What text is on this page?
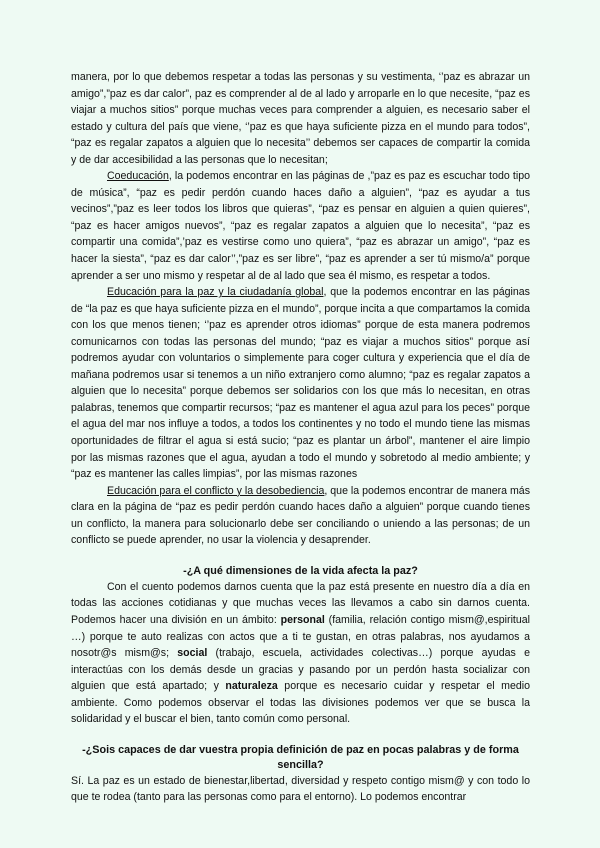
manera, por lo que debemos respetar a todas las personas y su vestimenta, ‘’paz es abrazar un amigo”,”paz es dar calor”, paz es comprender al de al lado y arroparle en lo que necesite, “paz es viajar a muchos sitios” porque muchas veces para comprender a alguien, es necesario saber el estado y cultura del país que viene, ‘’paz es que haya suficiente pizza en el mundo para todos”, “paz es regalar zapatos a alguien que lo necesita’’ debemos ser capaces de compartir la comida y de dar accesibilidad a las personas que lo necesitan;

Coeducación, la podemos encontrar en las páginas de ,”paz es paz es escuchar todo tipo de música”, “paz es pedir perdón cuando haces daño a alguien”, “paz es ayudar a tus vecinos”,”paz es leer todos los libros que quieras”, “paz es pensar en alguien a quien quieres”, “paz es hacer amigos nuevos”, “paz es regalar zapatos a alguien que lo necesita”, “paz es compartir una comida”,’paz es vestirse como uno quiera”, “paz es abrazar un amigo”, “paz es hacer la siesta”, “paz es dar calor’’,”paz es ser libre”, “paz es aprender a ser tú mismo/a” porque aprender a ser uno mismo y respetar al de al lado que sea él mismo, es respetar a todos.

Educación para la paz y la ciudadanía global, que la podemos encontrar en las páginas de “la paz es que haya suficiente pizza en el mundo”, porque incita a que compartamos la comida con los que menos tienen; ‘’paz es aprender otros idiomas” porque de esta manera podremos comunicarnos con todas las personas del mundo; “paz es viajar a muchos sitios” porque así podremos ayudar con voluntarios o simplemente para coger cultura y experiencia que el día de mañana podremos usar si tenemos a un niño extranjero como alumno; “paz es regalar zapatos a alguien que lo necesita” porque debemos ser solidarios con los que más lo necesitan, en otras palabras, tenemos que compartir recursos; “paz es mantener el agua azul para los peces” porque el agua del mar nos influye a todos, a todos los continentes y no todo el mundo tiene las mismas oportunidades de filtrar el agua si está sucio; “paz es plantar un árbol”, mantener el aire limpio por las mismas razones que el agua, ayudan a todo el mundo y sobretodo al medio ambiente; y “paz es mantener las calles limpias”, por las mismas razones

Educación para el conflicto y la desobediencia, que la podemos encontrar de manera más clara en la página de “paz es pedir perdón cuando haces daño a alguien” porque cuando tienes un conflicto, la manera para solucionarlo debe ser conciliando o uniendo a las personas; de un conflicto se puede aprender, no usar la violencia y desaprender.

-¿A qué dimensiones de la vida afecta la paz?

Con el cuento podemos darnos cuenta que la paz está presente en nuestro día a día en todas las acciones cotidianas y que muchas veces las llevamos a cabo sin darnos cuenta. Podemos hacer una división en un ámbito: personal (familia, relación contigo mism@,espiritual …) porque te auto realizas con actos que a ti te gustan, en otras palabras, nos ayudamos a nosotr@s mism@s; social (trabajo, escuela, actividades colectivas…) porque ayudas e interactúas con los demás desde un gracias y pasando por un perdón hasta socializar con alguien que está apartado; y naturaleza porque es necesario cuidar y respetar el medio ambiente. Como podemos observar el todas las divisiones podemos ver que se busca la solidaridad y el buscar el bien, tanto común como personal.

-¿Sois capaces de dar vuestra propia definición de paz en pocas palabras y de forma sencilla?

Sí. La paz es un estado de bienestar,libertad, diversidad y respeto contigo mism@ y con todo lo que te rodea (tanto para las personas como para el entorno). Lo podemos encontrar
